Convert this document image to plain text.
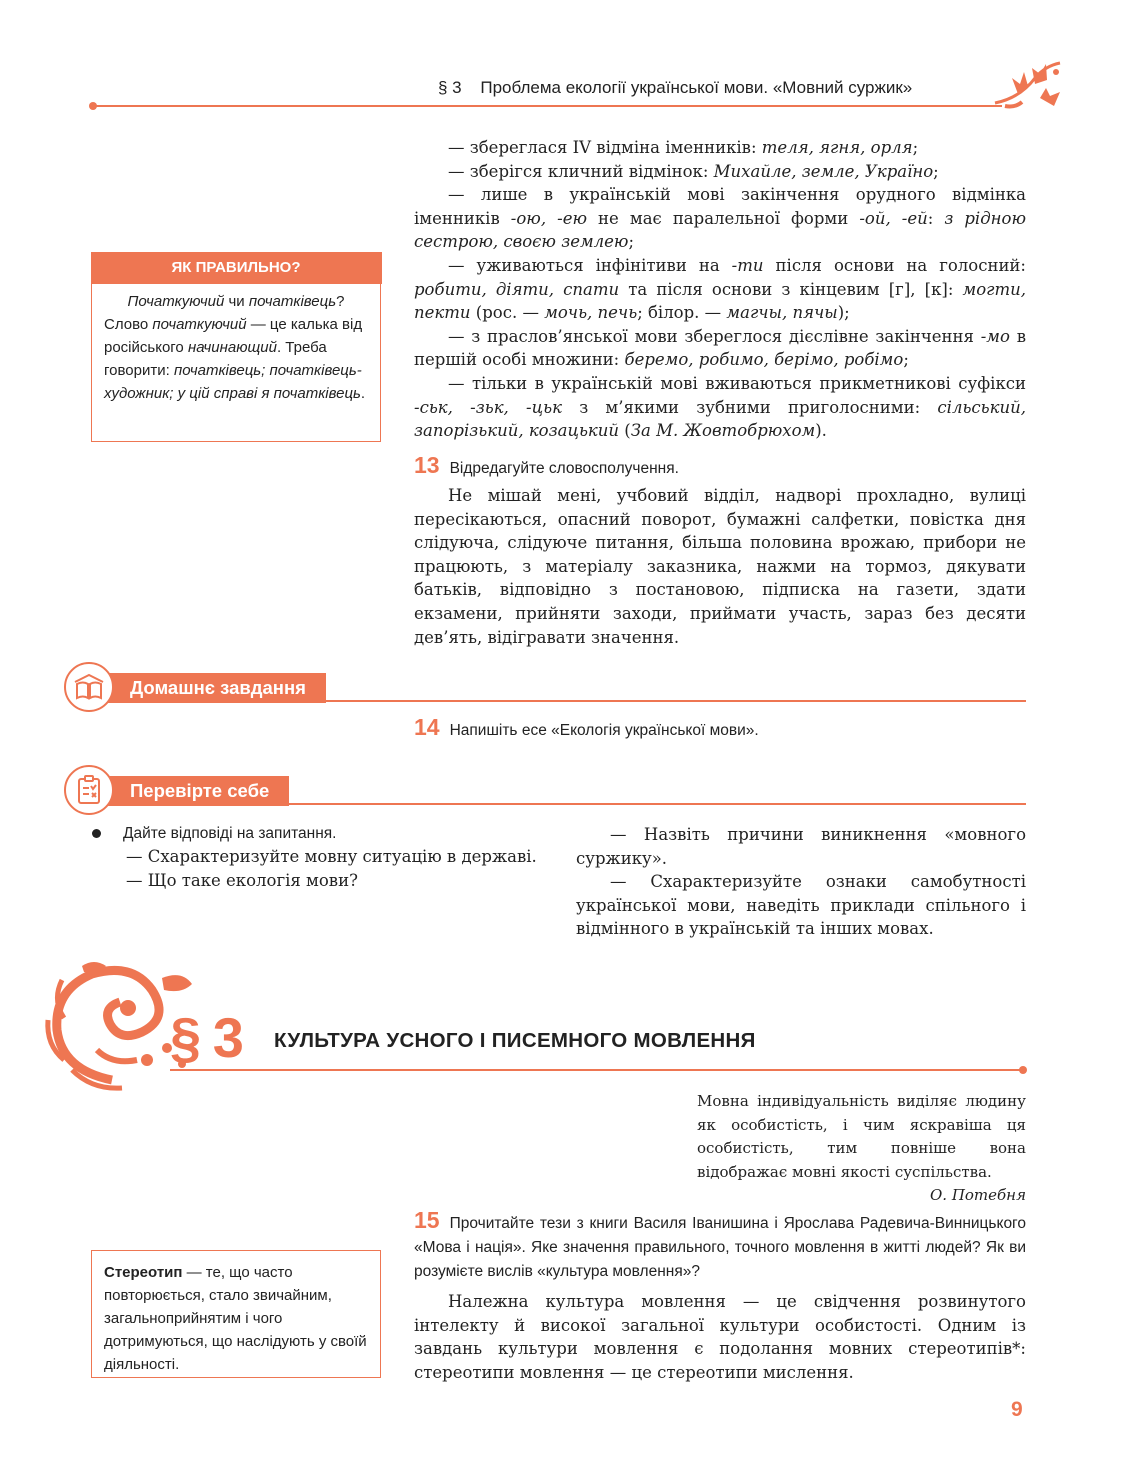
§ 3 Проблема екології української мови. «Мовний суржик»

— збереглася IV відміна іменників: теля, ягня, орля;

— зберігся кличний відмінок: Михайле, земле, Україно;

— лише в українській мові закінчення орудного відмінка іменників -ою, -ею не має паралельної форми -ой, -ей: з рідною сестрою, своєю землею;

— уживаються інфінітиви на -ти після основи на голосний: робити, діяти, спати та після основи з кінцевим [г], [к]: могти, пекти (рос. — мочь, печь; білор. — магчы, пячы);

— з праслов’янської мови збереглося дієслівне закінчення -мо в першій особі множини: беремо, робимо, берімо, робімо;

— тільки в українській мові вживаються прикметникові суфікси -ськ, -зьк, -цьк з м’якими зубними приголосними: сільський, запорізький, козацький (За М. Жовтобрюхом).

ЯК ПРАВИЛЬНО?

Початкуючий чи початківець?

Слово початкуючий — це калька від російського начинающий. Треба говорити: початківець; початківець-художник; у цій справі я початківець.

13 Відредагуйте словосполучення.

Не мішай мені, учбовий відділ, надворі прохладно, вулиці пересікаються, опасний поворот, бумажні салфетки, повістка дня слідуюча, слідуюче питання, більша половина врожаю, прибори не працюють, з матеріалу заказника, нажми на тормоз, дякувати батьків, відповідно з постановою, підписка на газети, здати екзамени, прийняти заходи, приймати участь, зараз без десяти дев’ять, відігравати значення.

Домашнє завдання
14 Напишіть есе «Екологія української мови».
Перевірте себе
Дайте відповіді на запитання.

— Схарактеризуйте мовну ситуацію в державі.

— Що таке екологія мови?

— Назвіть причини виникнення «мовного суржику».

— Схарактеризуйте ознаки самобутності української мови, наведіть приклади спільного і відмінного в українській та інших мовах.

§ 3 КУЛЬТУРА УСНОГО І ПИСЕМНОГО МОВЛЕННЯ

Мовна індивідуальність виділяє людину як особистість, і чим яскравіша ця особистість, тим повніше вона відображає мовні якості суспільства.

О. Потебня

15 Прочитайте тези з книги Василя Іванишина і Ярослава Радевича-Винницького «Мова і нація». Яке значення правильного, точного мовлення в житті людей? Як ви розумієте вислів «культура мовлення»?

Належна культура мовлення — це свідчення розвинутого інтелекту й високої загальної культури особистості. Одним із завдань культури мовлення є подолання мовних стереотипів*: стереотипи мовлення — це стереотипи мислення.

Стереотип — те, що часто повторюється, стало звичайним, загальноприйнятим і чого дотримуються, що наслідують у своїй діяльності.
9
